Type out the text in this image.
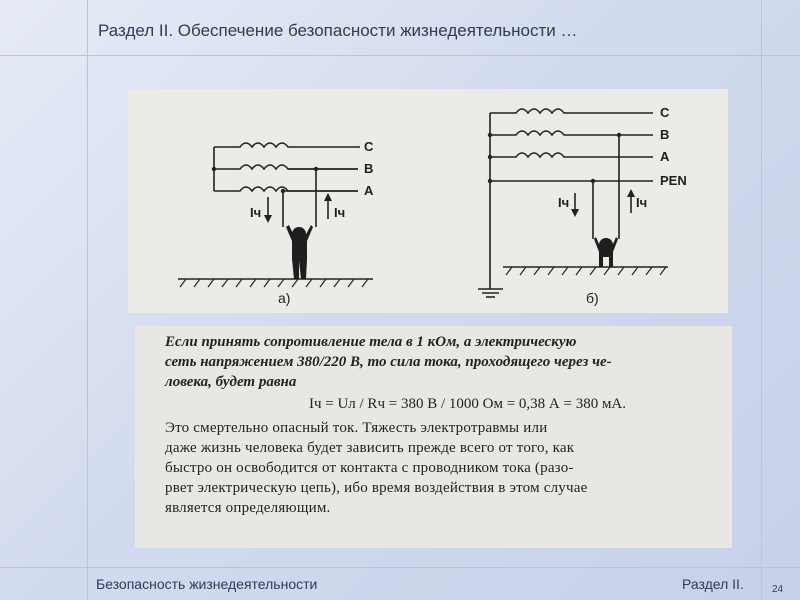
Раздел II. Обеспечение безопасности жизнедеятельности …
C
B
A
Iч	Iч
а)
C
B
A
PEN
Iч	Iч
б)

Если принять сопротивление тела в 1 кОм, а электрическую
сеть напряжением 380/220 В, то сила тока, проходящего через че-
ловека, будет равна

Iч = Uл / Rч = 380 В / 1000 Ом = 0,38 А = 380 мА.

Это смертельно опасный ток. Тяжесть электротравмы или
даже жизнь человека будет зависить прежде всего от того, как
быстро он освободится от контакта с проводником тока (разо-
рвет электрическую цепь), ибо время воздействия в этом случае
является определяющим.

Безопасность жизнедеятельности	Раздел II.	24
